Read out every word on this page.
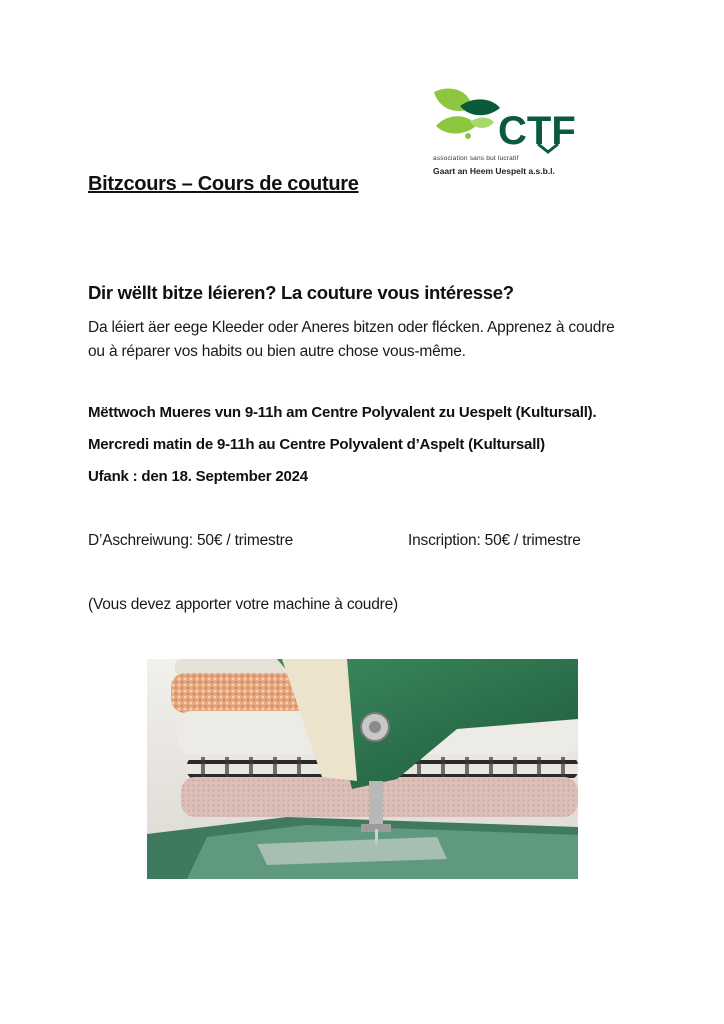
CTF
association sans but lucratif
Gaart an Heem Uespelt a.s.b.l.
Bitzcours – Cours de couture
Dir wëllt bitze léieren? La couture vous intéresse?
Da léiert äer eege Kleeder oder Aneres bitzen oder flécken. Apprenez à coudre
ou à réparer vos habits ou bien autre chose vous-même.
Mëttwoch Mueres vun 9-11h am Centre Polyvalent zu Uespelt (Kultursall).
Mercredi matin de 9-11h au Centre Polyvalent d’Aspelt (Kultursall)
Ufank : den 18. September 2024
D’Aschreiwung: 50€ / trimestre	Inscription: 50€ / trimestre
(Vous devez apporter votre machine à coudre)
